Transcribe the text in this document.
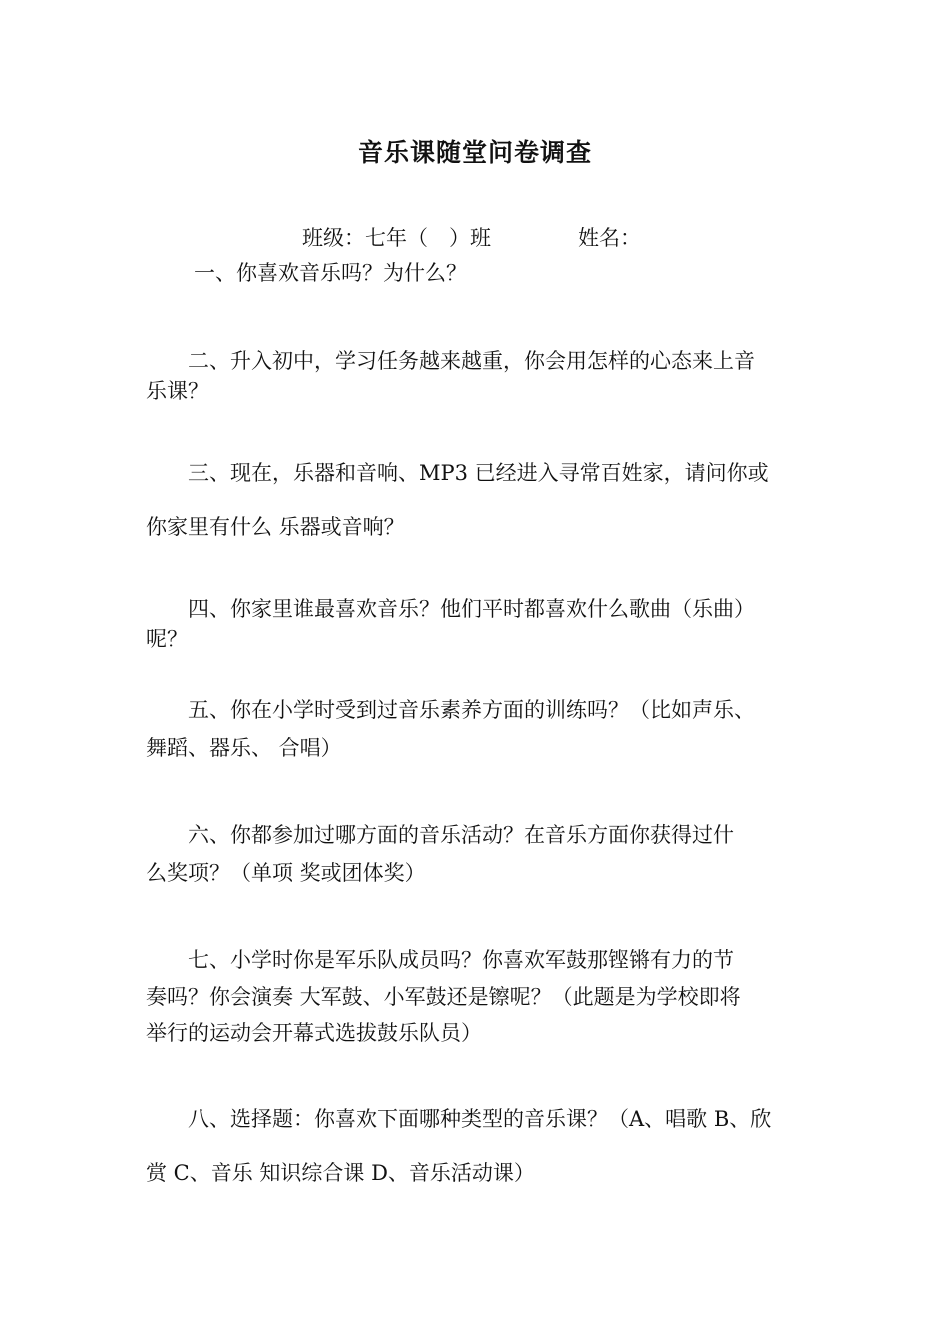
音乐课随堂问卷调查
班级：七年（　）班	姓名：
一、你喜欢音乐吗？为什么？
二、升入初中，学习任务越来越重，你会用怎样的心态来上音
乐课？
三、现在，乐器和音响、MP3 已经进入寻常百姓家，请问你或
你家里有什么 乐器或音响？
四、你家里谁最喜欢音乐？他们平时都喜欢什么歌曲（乐曲）
呢？
五、你在小学时受到过音乐素养方面的训练吗？（比如声乐、
舞蹈、器乐、 合唱）
六、你都参加过哪方面的音乐活动？在音乐方面你获得过什
么奖项？（单项 奖或团体奖）
七、小学时你是军乐队成员吗？你喜欢军鼓那铿锵有力的节
奏吗？你会演奏 大军鼓、小军鼓还是镲呢？（此题是为学校即将
举行的运动会开幕式选拔鼓乐队员）
八、选择题：你喜欢下面哪种类型的音乐课？（A、唱歌 B、欣
赏 C、音乐 知识综合课 D、音乐活动课）
